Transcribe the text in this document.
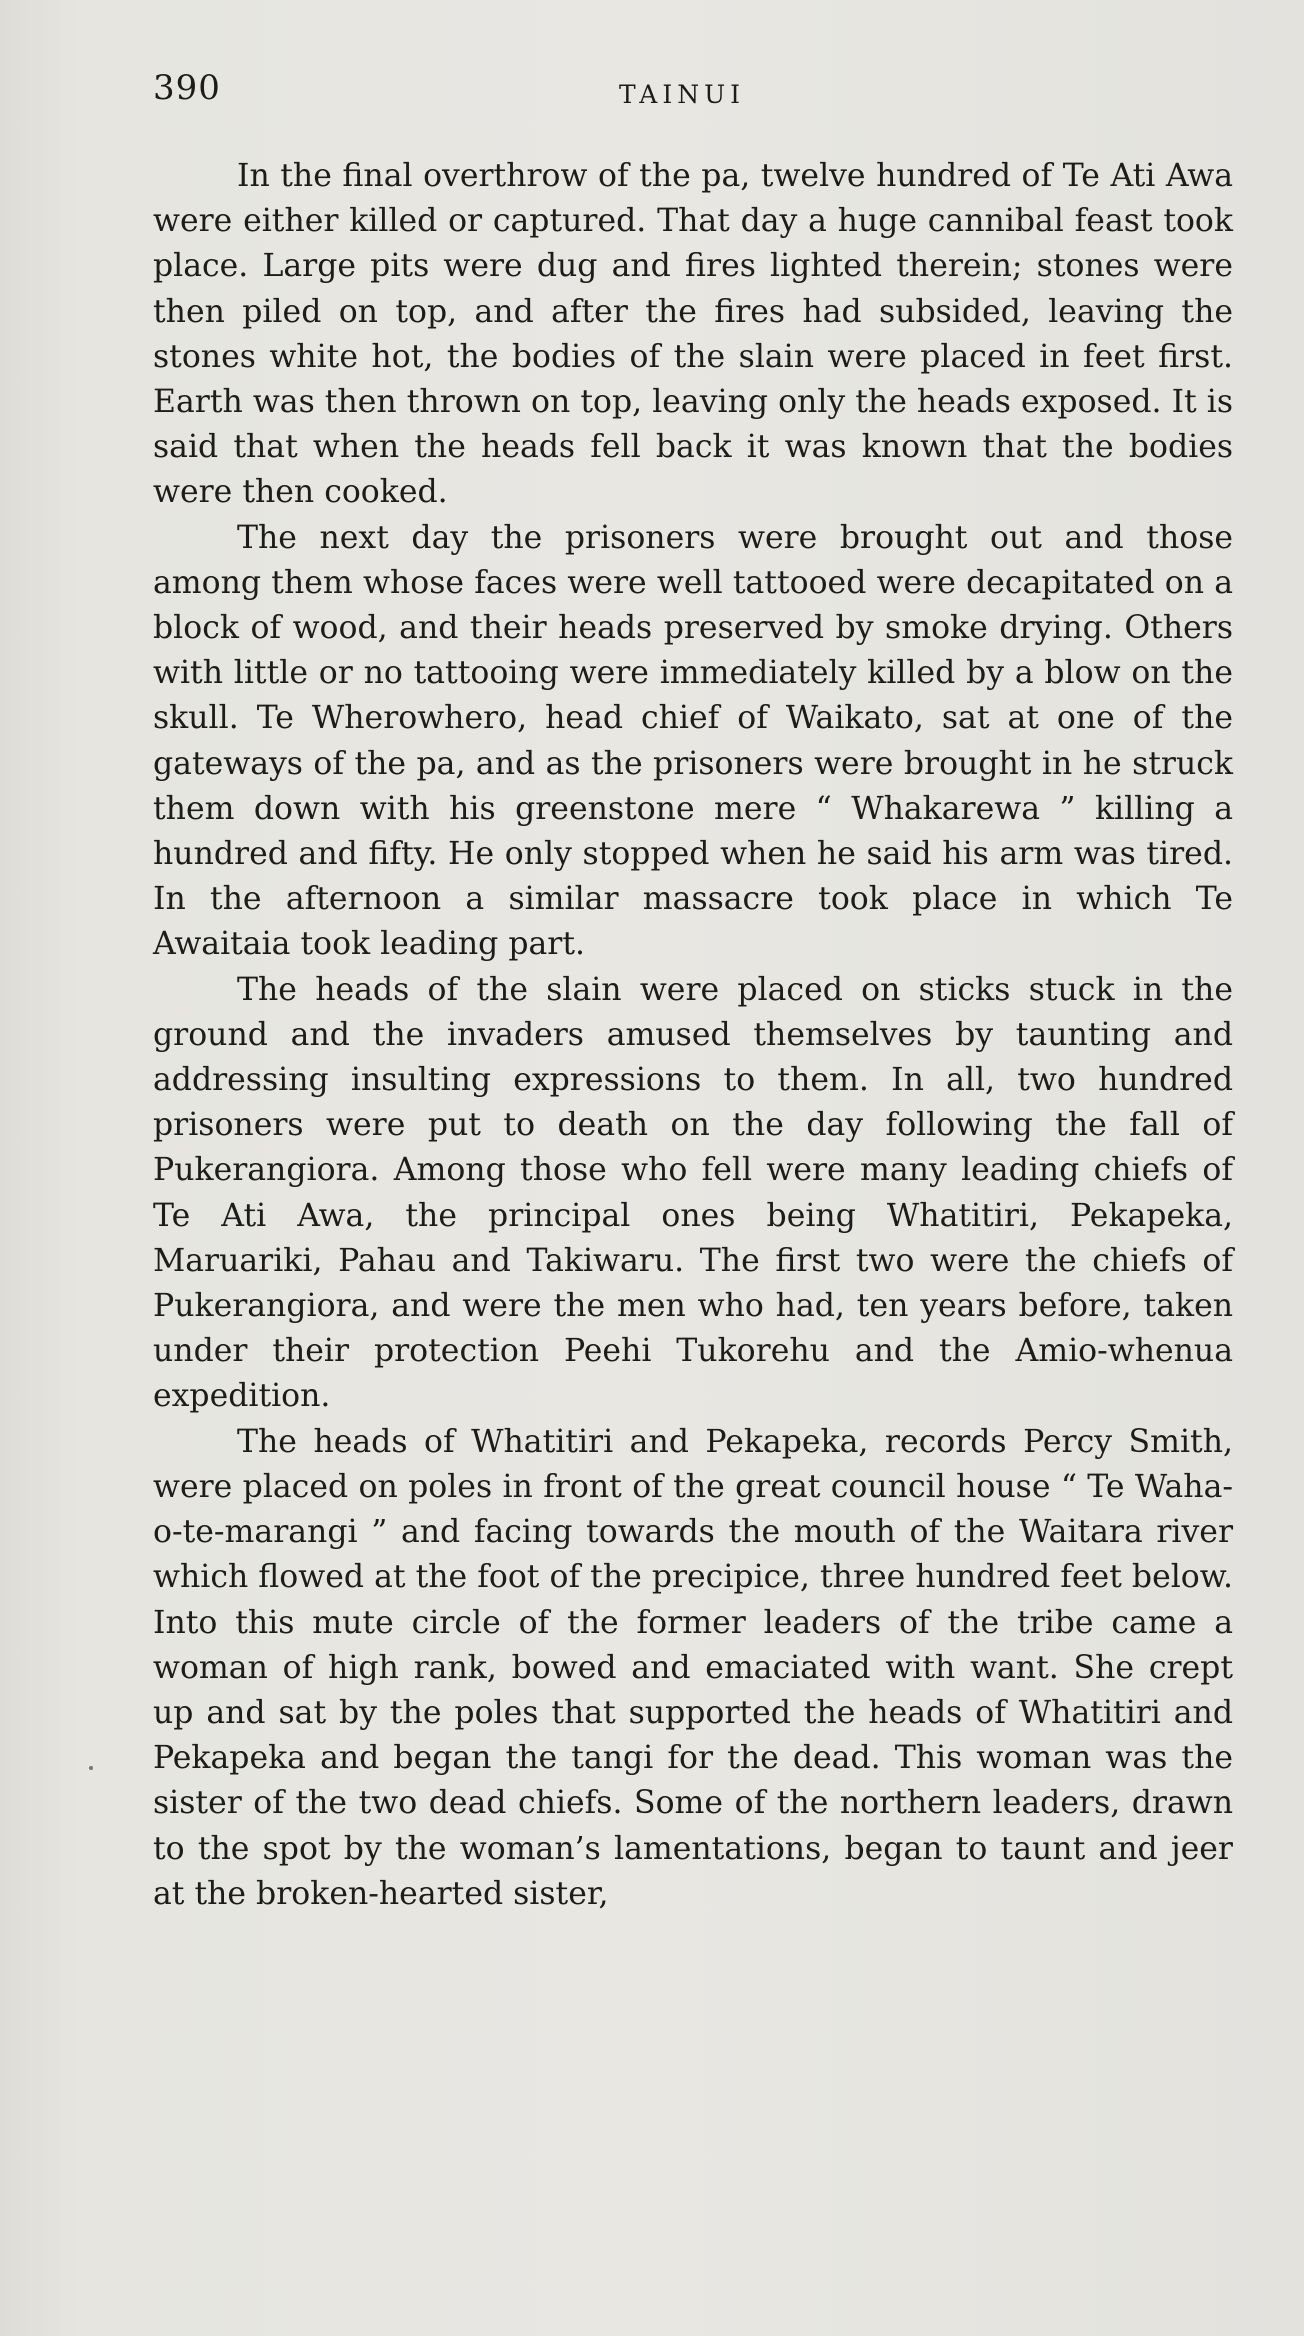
390	TAINUI

In the final overthrow of the pa, twelve hundred of Te Ati Awa were either killed or captured. That day a huge cannibal feast took place. Large pits were dug and fires lighted therein; stones were then piled on top, and after the fires had subsided, leaving the stones white hot, the bodies of the slain were placed in feet first. Earth was then thrown on top, leaving only the heads exposed. It is said that when the heads fell back it was known that the bodies were then cooked.

The next day the prisoners were brought out and those among them whose faces were well tattooed were decapitated on a block of wood, and their heads preserved by smoke drying. Others with little or no tattooing were immediately killed by a blow on the skull. Te Wherowhero, head chief of Waikato, sat at one of the gateways of the pa, and as the prisoners were brought in he struck them down with his greenstone mere “ Whakarewa ” killing a hundred and fifty. He only stopped when he said his arm was tired. In the afternoon a similar massacre took place in which Te Awaitaia took leading part.

The heads of the slain were placed on sticks stuck in the ground and the invaders amused themselves by taunting and addressing insulting expressions to them. In all, two hundred prisoners were put to death on the day following the fall of Pukerangiora. Among those who fell were many leading chiefs of Te Ati Awa, the principal ones being Whatitiri, Pekapeka, Maruariki, Pahau and Takiwaru. The first two were the chiefs of Pukerangiora, and were the men who had, ten years before, taken under their protection Peehi Tukorehu and the Amio-whenua expedition.

The heads of Whatitiri and Pekapeka, records Percy Smith, were placed on poles in front of the great council house “ Te Waha-o-te-marangi ” and facing towards the mouth of the Waitara river which flowed at the foot of the precipice, three hundred feet below. Into this mute circle of the former leaders of the tribe came a woman of high rank, bowed and emaciated with want. She crept up and sat by the poles that supported the heads of Whatitiri and Pekapeka and began the tangi for the dead. This woman was the sister of the two dead chiefs. Some of the northern leaders, drawn to the spot by the woman’s lamentations, began to taunt and jeer at the broken-hearted sister,
